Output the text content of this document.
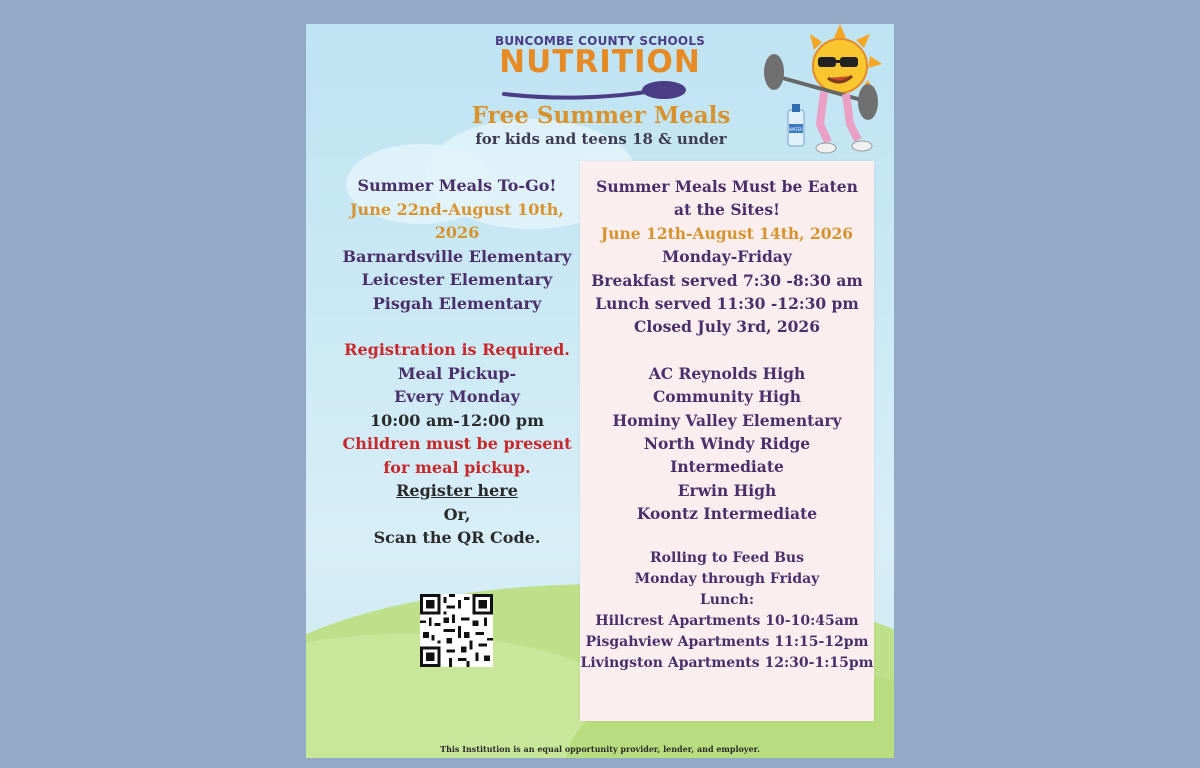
BUNCOMBE COUNTY SCHOOLS
NUTRITION
Free Summer Meals
for kids and teens 18 & under
WATER
Summer Meals To-Go!
June 22nd-August 10th,
2026
Barnardsville Elementary
Leicester Elementary
Pisgah Elementary
Registration is Required.
Meal Pickup-
Every Monday
10:00 am-12:00 pm
Children must be present
for meal pickup.
Register here
Or,
Scan the QR Code.
Summer Meals Must be Eaten
at the Sites!
June 12th-August 14th, 2026
Monday-Friday
Breakfast served 7:30 -8:30 am
Lunch served 11:30 -12:30 pm
Closed July 3rd, 2026
AC Reynolds High
Community High
Hominy Valley Elementary
North Windy Ridge
Intermediate
Erwin High
Koontz Intermediate
Rolling to Feed Bus
Monday through Friday
Lunch:
Hillcrest Apartments 10-10:45am
Pisgahview Apartments 11:15-12pm
Livingston Apartments 12:30-1:15pm
This Institution is an equal opportunity provider, lender, and employer.
